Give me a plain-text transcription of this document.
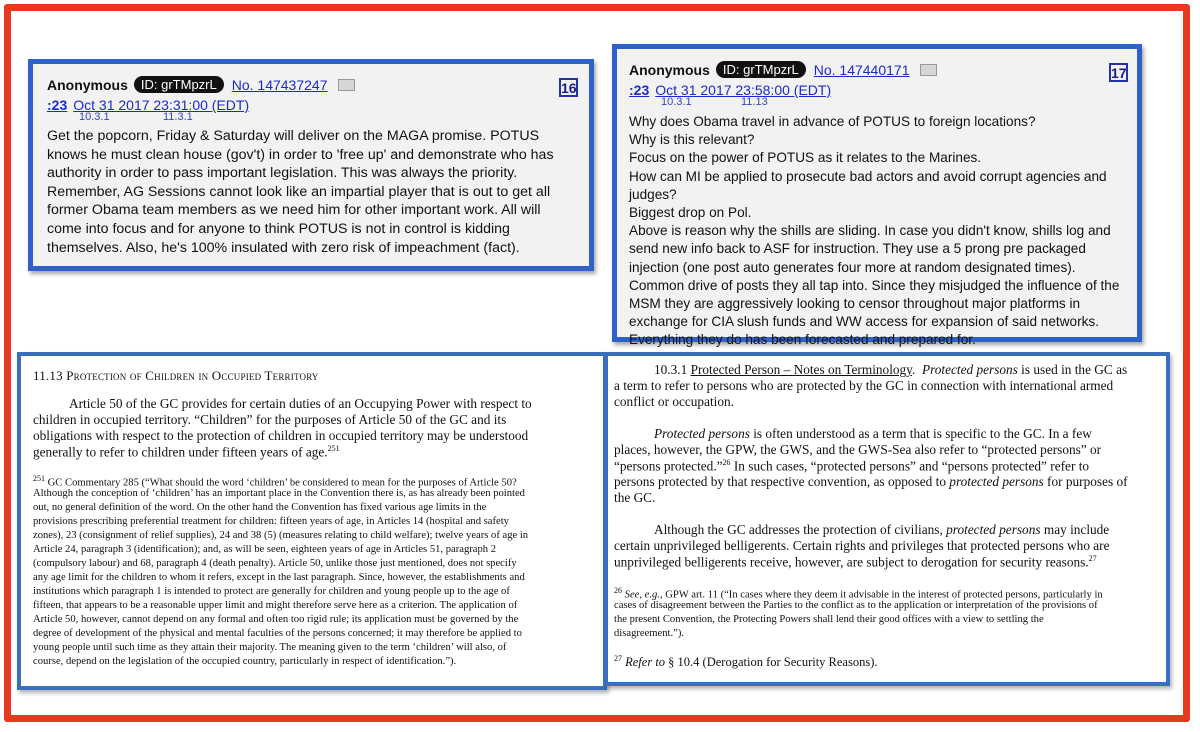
Anonymous	ID: grTMpzrL	No. 147437247	16
:23 Oct 31 2017 23:31:00 (EDT)
10.3.1	11.3.1
Get the popcorn, Friday & Saturday will deliver on the MAGA promise. POTUS
knows he must clean house (gov't) in order to 'free up' and demonstrate who has
authority in order to pass important legislation. This was always the priority.
Remember, AG Sessions cannot look like an impartial player that is out to get all
former Obama team members as we need him for other important work. All will
come into focus and for anyone to think POTUS is not in control is kidding
themselves. Also, he's 100% insulated with zero risk of impeachment (fact).
Anonymous	ID: grTMpzrL	No. 147440171	17
:23 Oct 31 2017 23:58:00 (EDT)
10.3.1	11.13
Why does Obama travel in advance of POTUS to foreign locations?
Why is this relevant?
Focus on the power of POTUS as it relates to the Marines.
How can MI be applied to prosecute bad actors and avoid corrupt agencies and
judges?
Biggest drop on Pol.
Above is reason why the shills are sliding. In case you didn't know, shills log and
send new info back to ASF for instruction. They use a 5 prong pre packaged
injection (one post auto generates four more at random designated times).
Common drive of posts they all tap into. Since they misjudged the influence of the
MSM they are aggressively looking to censor throughout major platforms in
exchange for CIA slush funds and WW access for expansion of said networks.
Everything they do has been forecasted and prepared for.
11.13 Protection of Children in Occupied Territory
Article 50 of the GC provides for certain duties of an Occupying Power with respect to
children in occupied territory. “Children” for the purposes of Article 50 of the GC and its
obligations with respect to the protection of children in occupied territory may be understood
generally to refer to children under fifteen years of age.$^{251}$
$^{251}$ GC Commentary 285 (“What should the word ‘children’ be considered to mean for the purposes of Article 50?
Although the conception of ‘children’ has an important place in the Convention there is, as has already been pointed
out, no general definition of the word. On the other hand the Convention has fixed various age limits in the
provisions prescribing preferential treatment for children: fifteen years of age, in Articles 14 (hospital and safety
zones), 23 (consignment of relief supplies), 24 and 38 (5) (measures relating to child welfare); twelve years of age in
Article 24, paragraph 3 (identification); and, as will be seen, eighteen years of age in Articles 51, paragraph 2
(compulsory labour) and 68, paragraph 4 (death penalty). Article 50, unlike those just mentioned, does not specify
any age limit for the children to whom it refers, except in the last paragraph. Since, however, the establishments and
institutions which paragraph 1 is intended to protect are generally for children and young people up to the age of
fifteen, that appears to be a reasonable upper limit and might therefore serve here as a criterion. The application of
Article 50, however, cannot depend on any formal and often too rigid rule; its application must be governed by the
degree of development of the physical and mental faculties of the persons concerned; it may therefore be applied to
young people until such time as they attain their majority. The meaning given to the term ‘children’ will also, of
course, depend on the legislation of the occupied country, particularly in respect of identification.”).
10.3.1 Protected Person – Notes on Terminology.  Protected persons is used in the GC as
a term to refer to persons who are protected by the GC in connection with international armed
conflict or occupation.
Protected persons is often understood as a term that is specific to the GC. In a few
places, however, the GPW, the GWS, and the GWS-Sea also refer to “protected persons” or
“persons protected.”$^{26}$ In such cases, “protected persons” and “persons protected” refer to
persons protected by that respective convention, as opposed to protected persons for purposes of
the GC.
Although the GC addresses the protection of civilians, protected persons may include
certain unprivileged belligerents. Certain rights and privileges that protected persons who are
unprivileged belligerents receive, however, are subject to derogation for security reasons.$^{27}$
$^{26}$ See, e.g., GPW art. 11 (“In cases where they deem it advisable in the interest of protected persons, particularly in
cases of disagreement between the Parties to the conflict as to the application or interpretation of the provisions of
the present Convention, the Protecting Powers shall lend their good offices with a view to settling the
disagreement.”).
$^{27}$ Refer to § 10.4 (Derogation for Security Reasons).
